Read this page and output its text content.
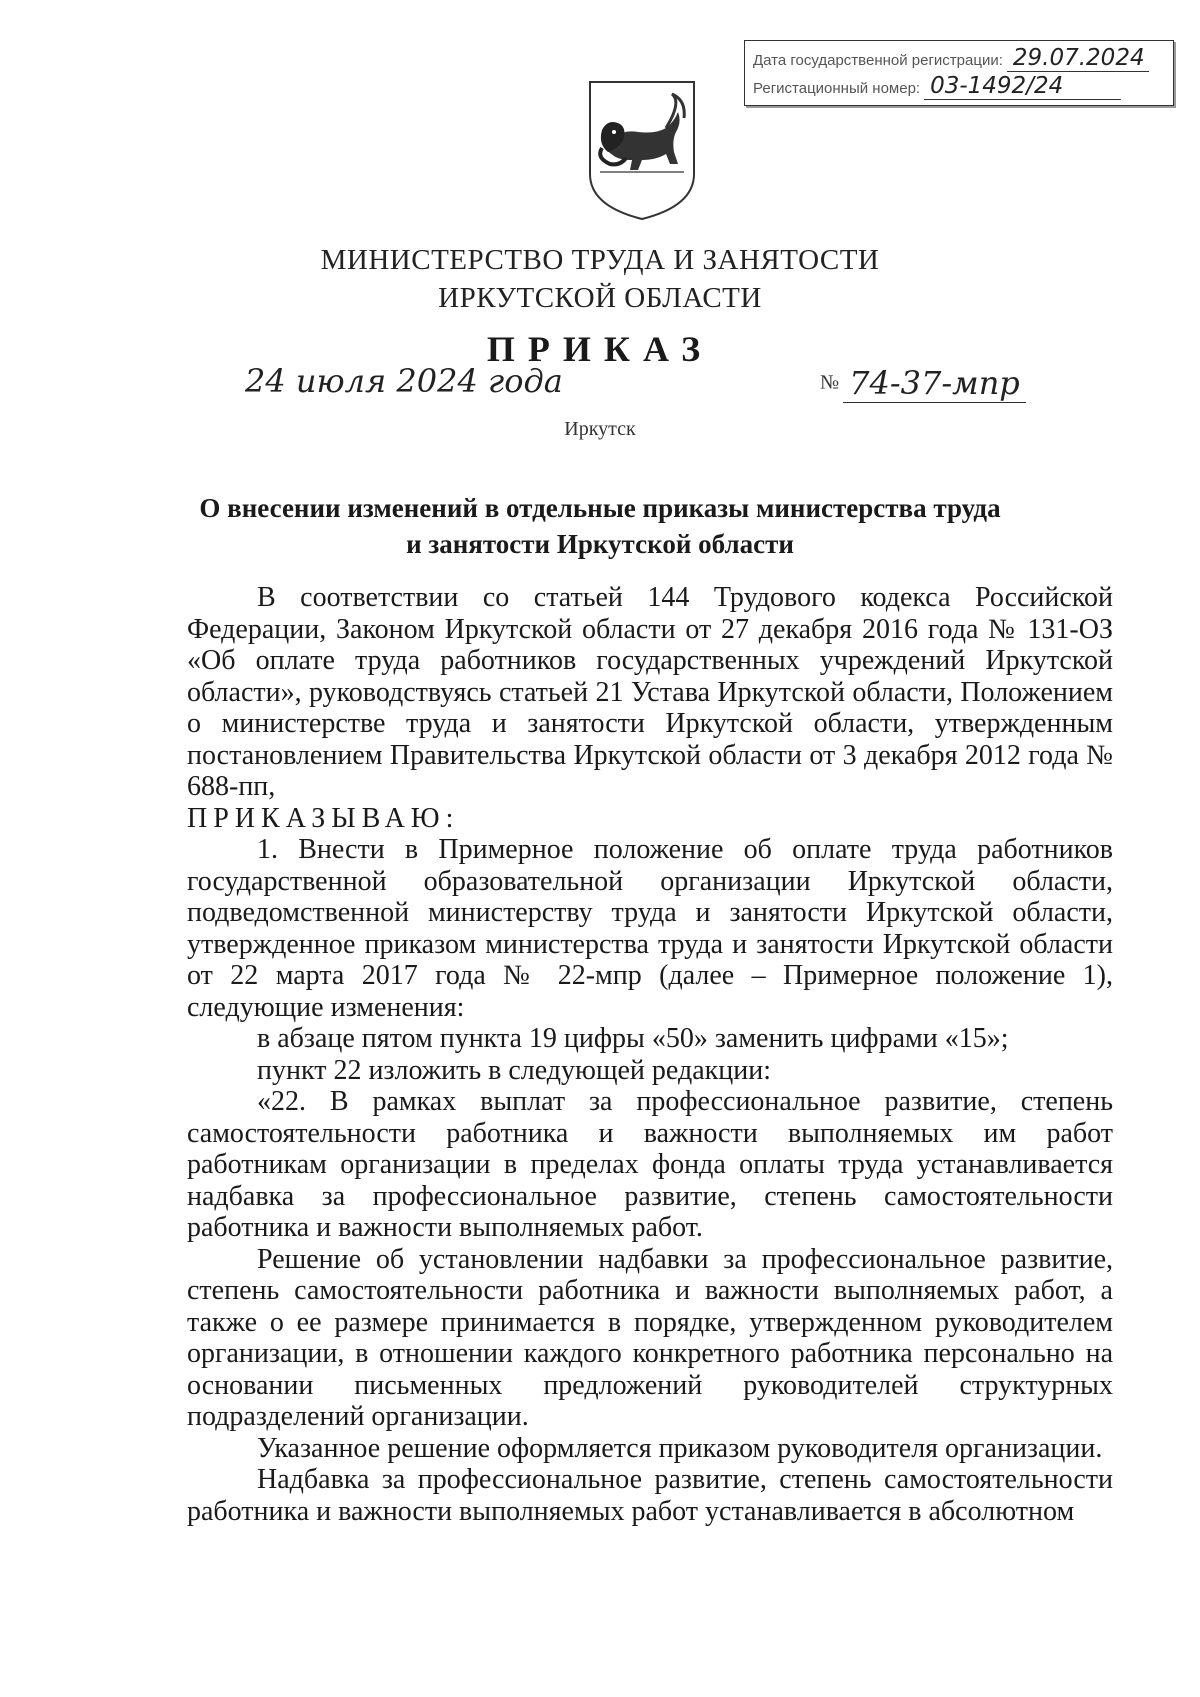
Дата государственной регистрации: 29.07.2024
Регистационный номер: 03-1492/24
МИНИСТЕРСТВО ТРУДА И ЗАНЯТОСТИ
ИРКУТСКОЙ ОБЛАСТИ
ПРИКАЗ
24 июля 2024 года	№ 74-37-мпр
Иркутск
О внесении изменений в отдельные приказы министерства труда
и занятости Иркутской области

В соответствии со статьей 144 Трудового кодекса Российской Федерации, Законом Иркутской области от 27 декабря 2016 года № 131-ОЗ «Об оплате труда работников государственных учреждений Иркутской области», руководствуясь статьей 21 Устава Иркутской области, Положением о министерстве труда и занятости Иркутской области, утвержденным постановлением Правительства Иркутской области от 3 декабря 2012 года № 688-пп,

ПРИКАЗЫВАЮ:

1. Внести в Примерное положение об оплате труда работников государственной образовательной организации Иркутской области, подведомственной министерству труда и занятости Иркутской области, утвержденное приказом министерства труда и занятости Иркутской области от 22 марта 2017 года № 22-мпр (далее – Примерное положение 1), следующие изменения:

в абзаце пятом пункта 19 цифры «50» заменить цифрами «15»;

пункт 22 изложить в следующей редакции:

«22. В рамках выплат за профессиональное развитие, степень самостоятельности работника и важности выполняемых им работ работникам организации в пределах фонда оплаты труда устанавливается надбавка за профессиональное развитие, степень самостоятельности работника и важности выполняемых работ.

Решение об установлении надбавки за профессиональное развитие, степень самостоятельности работника и важности выполняемых работ, а также о ее размере принимается в порядке, утвержденном руководителем организации, в отношении каждого конкретного работника персонально на основании письменных предложений руководителей структурных подразделений организации.

Указанное решение оформляется приказом руководителя организации.

Надбавка за профессиональное развитие, степень самостоятельности работника и важности выполняемых работ устанавливается в абсолютном
